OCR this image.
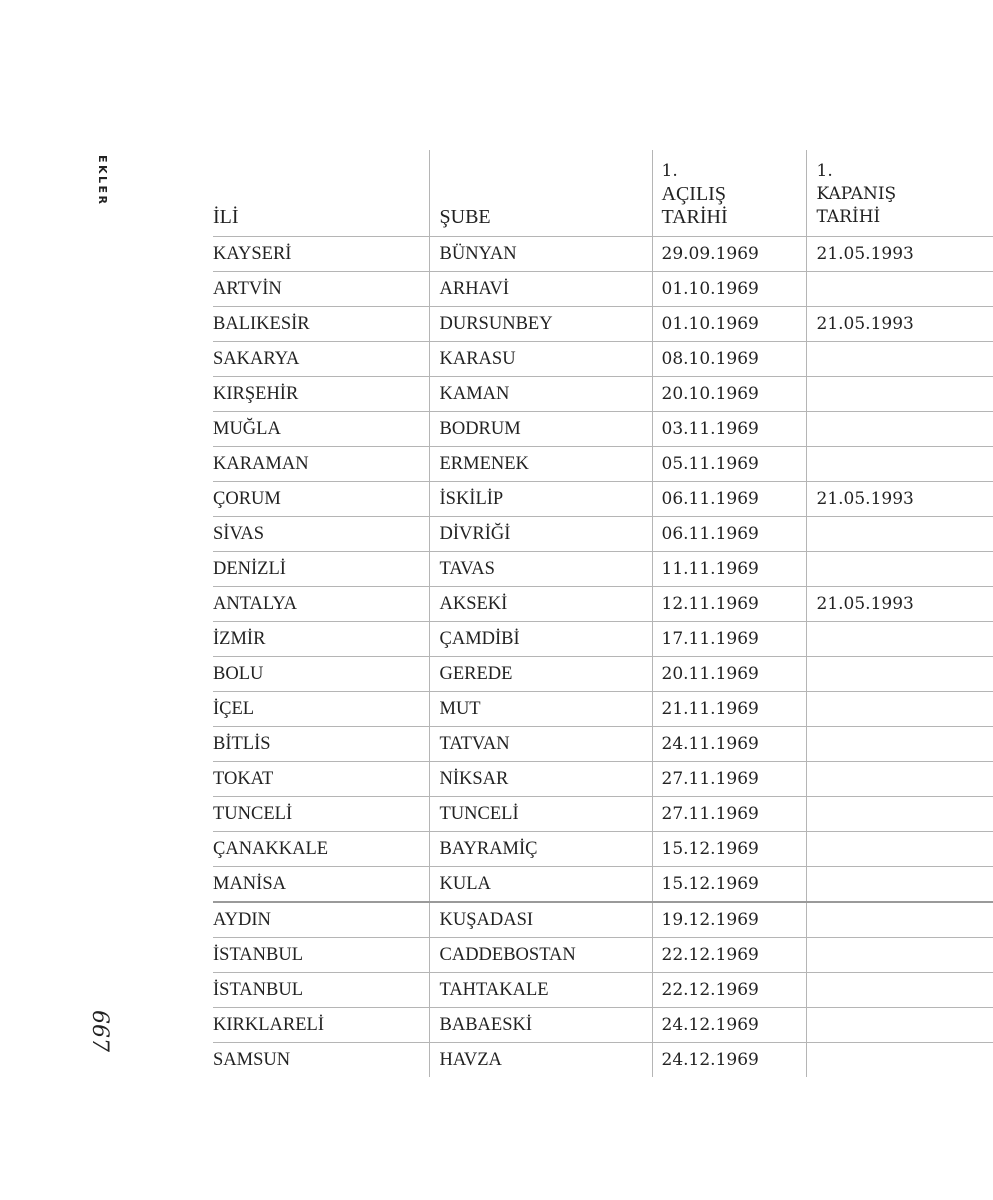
EKLER
667
İLİ	ŞUBE	1.
AÇILIŞ
TARİHİ	1.
KAPANIŞ
TARİHİ

KAYSERİ	BÜNYAN	29.09.1969	21.05.1993
ARTVİN	ARHAVİ	01.10.1969	
BALIKESİR	DURSUNBEY	01.10.1969	21.05.1993
SAKARYA	KARASU	08.10.1969	
KIRŞEHİR	KAMAN	20.10.1969	
MUĞLA	BODRUM	03.11.1969	
KARAMAN	ERMENEK	05.11.1969	
ÇORUM	İSKİLİP	06.11.1969	21.05.1993
SİVAS	DİVRİĞİ	06.11.1969	
DENİZLİ	TAVAS	11.11.1969	
ANTALYA	AKSEKİ	12.11.1969	21.05.1993
İZMİR	ÇAMDİBİ	17.11.1969	
BOLU	GEREDE	20.11.1969	
İÇEL	MUT	21.11.1969	
BİTLİS	TATVAN	24.11.1969	
TOKAT	NİKSAR	27.11.1969	
TUNCELİ	TUNCELİ	27.11.1969	
ÇANAKKALE	BAYRAMİÇ	15.12.1969	
MANİSA	KULA	15.12.1969	
AYDIN	KUŞADASI	19.12.1969	
İSTANBUL	CADDEBOSTAN	22.12.1969	
İSTANBUL	TAHTAKALE	22.12.1969	
KIRKLARELİ	BABAESKİ	24.12.1969	
SAMSUN	HAVZA	24.12.1969	
